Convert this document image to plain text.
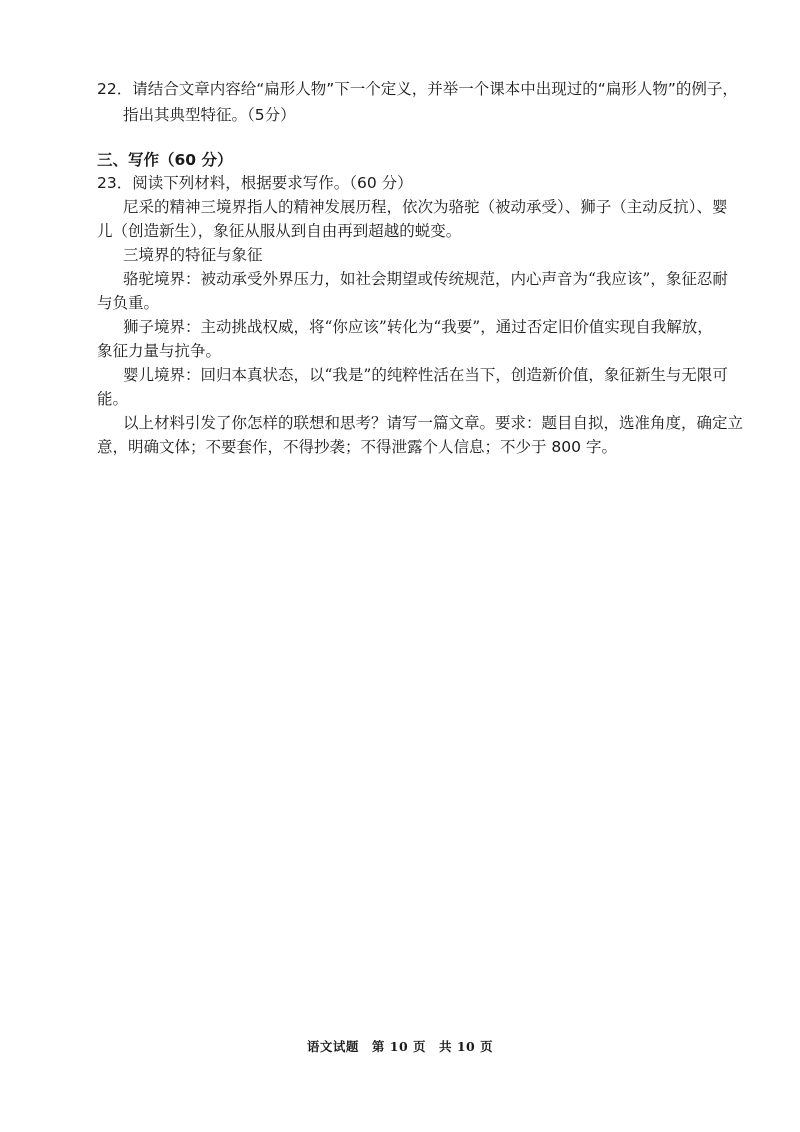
22．请结合文章内容给“扁形人物”下一个定义，并举一个课本中出现过的“扁形人物”的例子，
指出其典型特征。（5分）
三、写作（60 分）
23．阅读下列材料，根据要求写作。（60 分）
尼采的精神三境界指人的精神发展历程，依次为骆驼（被动承受）、狮子（主动反抗）、婴
儿（创造新生），象征从服从到自由再到超越的蜕变。
三境界的特征与象征
骆驼境界：被动承受外界压力，如社会期望或传统规范，内心声音为“我应该”，象征忍耐
与负重。
狮子境界：主动挑战权威，将“你应该”转化为“我要”，通过否定旧价值实现自我解放，
象征力量与抗争。
婴儿境界：回归本真状态，以“我是”的纯粹性活在当下，创造新价值，象征新生与无限可
能。
以上材料引发了你怎样的联想和思考？请写一篇文章。要求：题目自拟，选准角度，确定立
意，明确文体；不要套作，不得抄袭；不得泄露个人信息；不少于 800 字。
语文试题　第 10 页　共 10 页
